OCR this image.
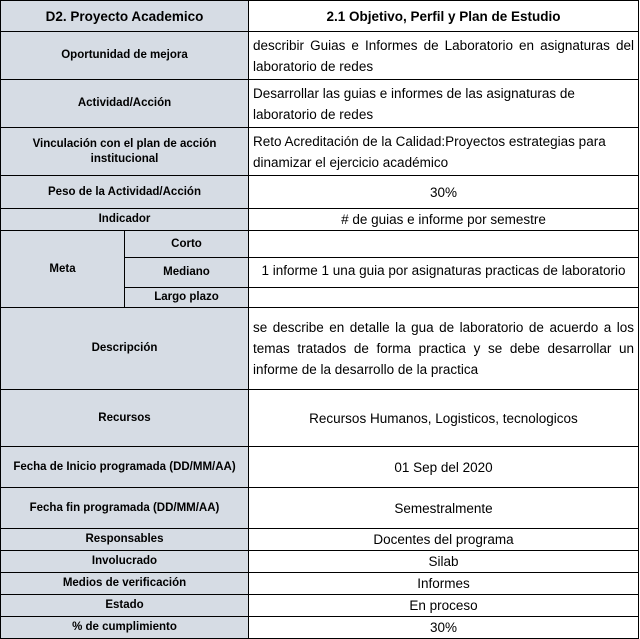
D2. Proyecto Academico		2.1 Objetivo, Perfil y Plan de Estudio
Oportunidad de mejora		describir Guias e Informes de Laboratorio en asignaturas del laboratorio de redes
Actividad/Acción		Desarrollar las guias e informes de las asignaturas de laboratorio de redes
Vinculación con el plan de acción institucional		Reto Acreditación de la Calidad:Proyectos estrategias para dinamizar el ejercicio académico
Peso de la Actividad/Acción		30%
Indicador		# de guias e informe por semestre
Meta	Corto	
	Mediano	1 informe 1 una guia por asignaturas practicas de laboratorio

	Largo plazo	
Descripción		se describe en detalle la gua de laboratorio de acuerdo a los temas tratados de forma practica y se debe desarrollar un informe de la desarrollo de la practica
Recursos		Recursos Humanos, Logisticos, tecnologicos
Fecha de Inicio programada (DD/MM/AA)		01 Sep del 2020
Fecha fin programada (DD/MM/AA)		Semestralmente
Responsables		Docentes del programa
Involucrado		Silab
Medios de verificación		Informes
Estado		En proceso
% de cumplimiento		30%
